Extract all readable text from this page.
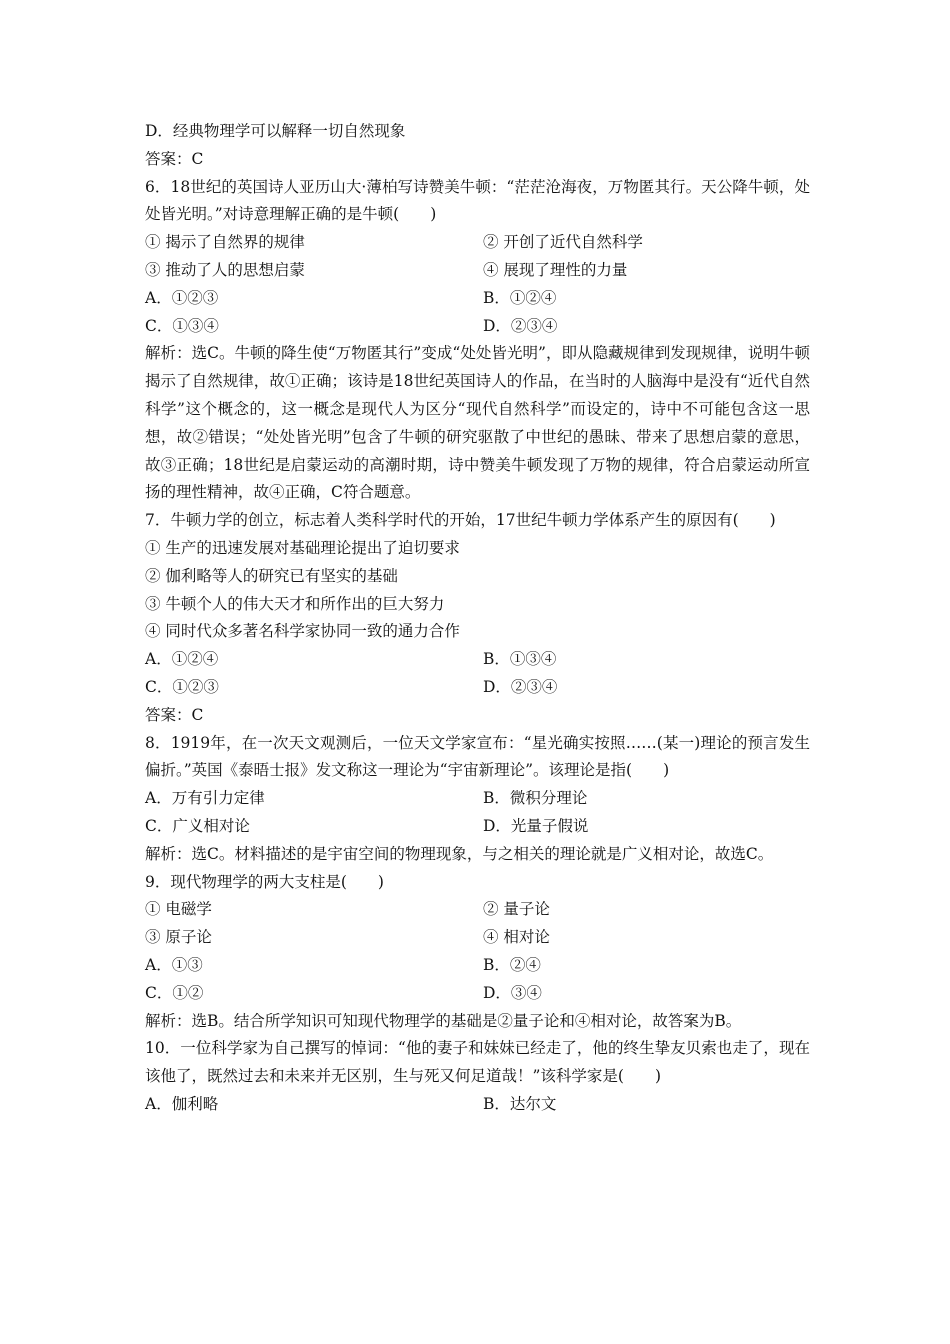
D．经典物理学可以解释一切自然现象
答案：C
6．18世纪的英国诗人亚历山大·薄柏写诗赞美牛顿：“茫茫沧海夜，万物匿其行。天公降牛顿，处处皆光明。”对诗意理解正确的是牛顿(　　)
① 揭示了自然界的规律	② 开创了近代自然科学
③ 推动了人的思想启蒙	④ 展现了理性的力量
A．①②③	B．①②④
C．①③④	D．②③④
解析：选C。牛顿的降生使“万物匿其行”变成“处处皆光明”，即从隐藏规律到发现规律，说明牛顿揭示了自然规律，故①正确；该诗是18世纪英国诗人的作品，在当时的人脑海中是没有“近代自然科学”这个概念的，这一概念是现代人为区分“现代自然科学”而设定的，诗中不可能包含这一思想，故②错误；“处处皆光明”包含了牛顿的研究驱散了中世纪的愚昧、带来了思想启蒙的意思，故③正确；18世纪是启蒙运动的高潮时期，诗中赞美牛顿发现了万物的规律，符合启蒙运动所宣扬的理性精神，故④正确，C符合题意。
7．牛顿力学的创立，标志着人类科学时代的开始，17世纪牛顿力学体系产生的原因有(　　)
① 生产的迅速发展对基础理论提出了迫切要求
② 伽利略等人的研究已有坚实的基础
③ 牛顿个人的伟大天才和所作出的巨大努力
④ 同时代众多著名科学家协同一致的通力合作
A．①②④	B．①③④
C．①②③	D．②③④
答案：C
8．1919年，在一次天文观测后，一位天文学家宣布：“星光确实按照……(某一)理论的预言发生偏折。”英国《泰晤士报》发文称这一理论为“宇宙新理论”。该理论是指(　　)
A．万有引力定律	B．微积分理论
C．广义相对论	D．光量子假说
解析：选C。材料描述的是宇宙空间的物理现象，与之相关的理论就是广义相对论，故选C。
9．现代物理学的两大支柱是(　　)
① 电磁学	② 量子论
③ 原子论	④ 相对论
A．①③	B．②④
C．①②	D．③④
解析：选B。结合所学知识可知现代物理学的基础是②量子论和④相对论，故答案为B。
10．一位科学家为自己撰写的悼词：“他的妻子和妹妹已经走了，他的终生挚友贝索也走了，现在该他了，既然过去和未来并无区别，生与死又何足道哉！”该科学家是(　　)
A．伽利略	B．达尔文
